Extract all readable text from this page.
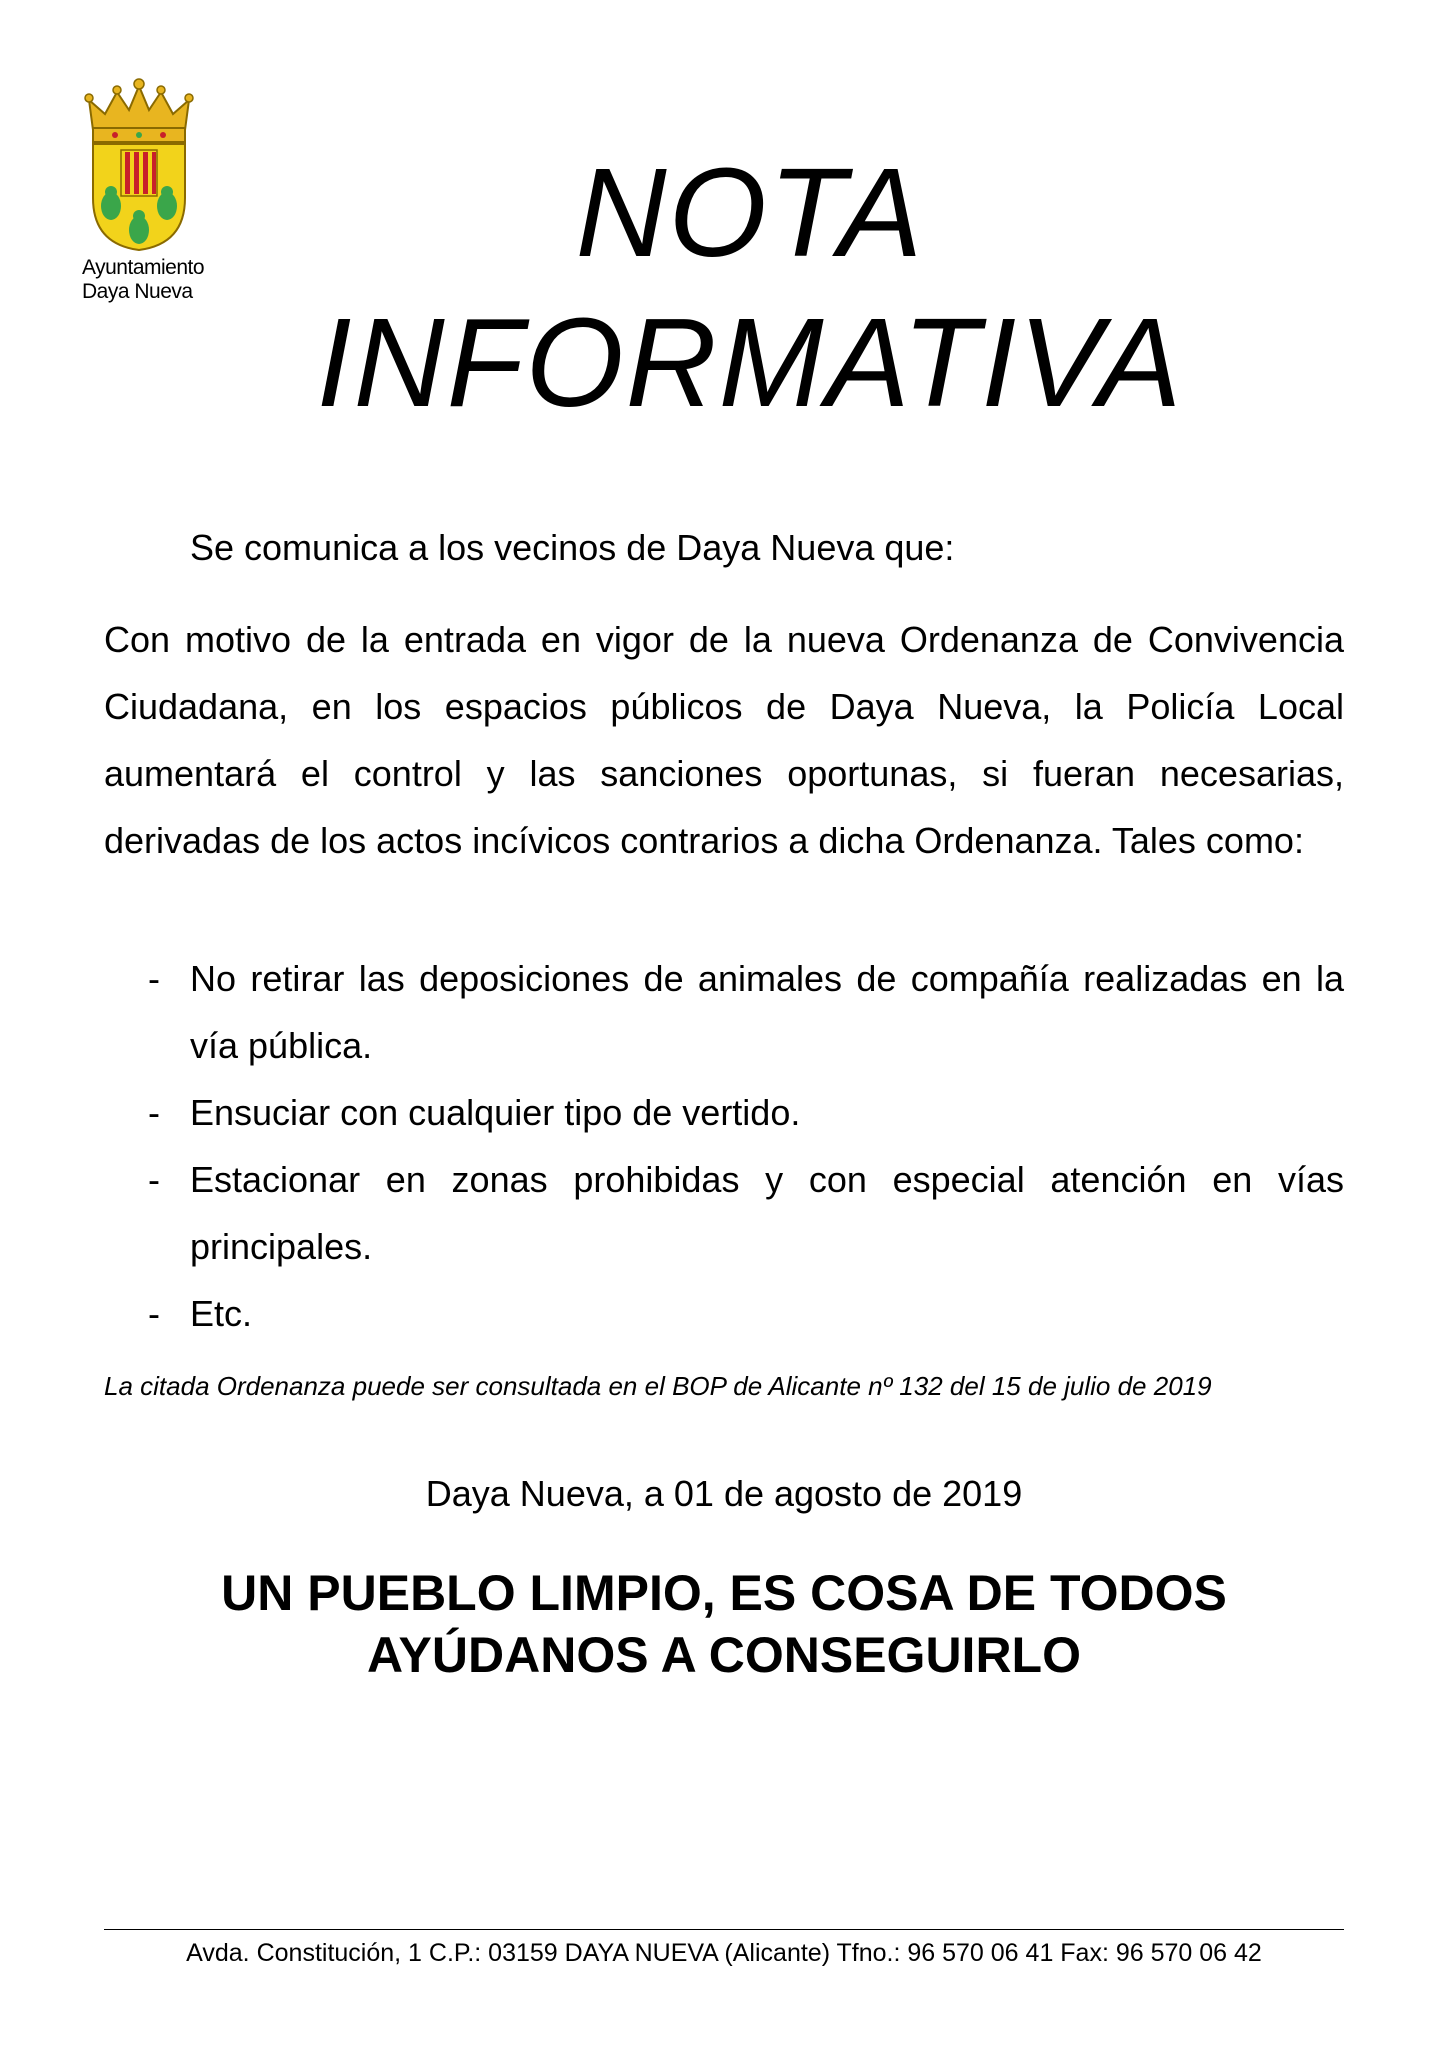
Ayuntamiento
Daya Nueva
NOTA
INFORMATIVA
Se comunica a los vecinos de Daya Nueva que:

Con motivo de la entrada en vigor de la nueva Ordenanza de Convivencia Ciudadana, en los espacios públicos de Daya Nueva, la Policía Local aumentará el control y las sanciones oportunas, si fueran necesarias, derivadas de los actos incívicos contrarios a dicha Ordenanza. Tales como:

- No retirar las deposiciones de animales de compañía realizadas en la vía pública.
- Ensuciar con cualquier tipo de vertido.
- Estacionar en zonas prohibidas y con especial atención en vías principales.
- Etc.
La citada Ordenanza puede ser consultada en el BOP de Alicante nº 132 del 15 de julio de 2019
Daya Nueva, a 01 de agosto de 2019
UN PUEBLO LIMPIO, ES COSA DE TODOS
AYÚDANOS A CONSEGUIRLO
Avda. Constitución, 1 C.P.: 03159 DAYA NUEVA (Alicante) Tfno.: 96 570 06 41 Fax: 96 570 06 42
